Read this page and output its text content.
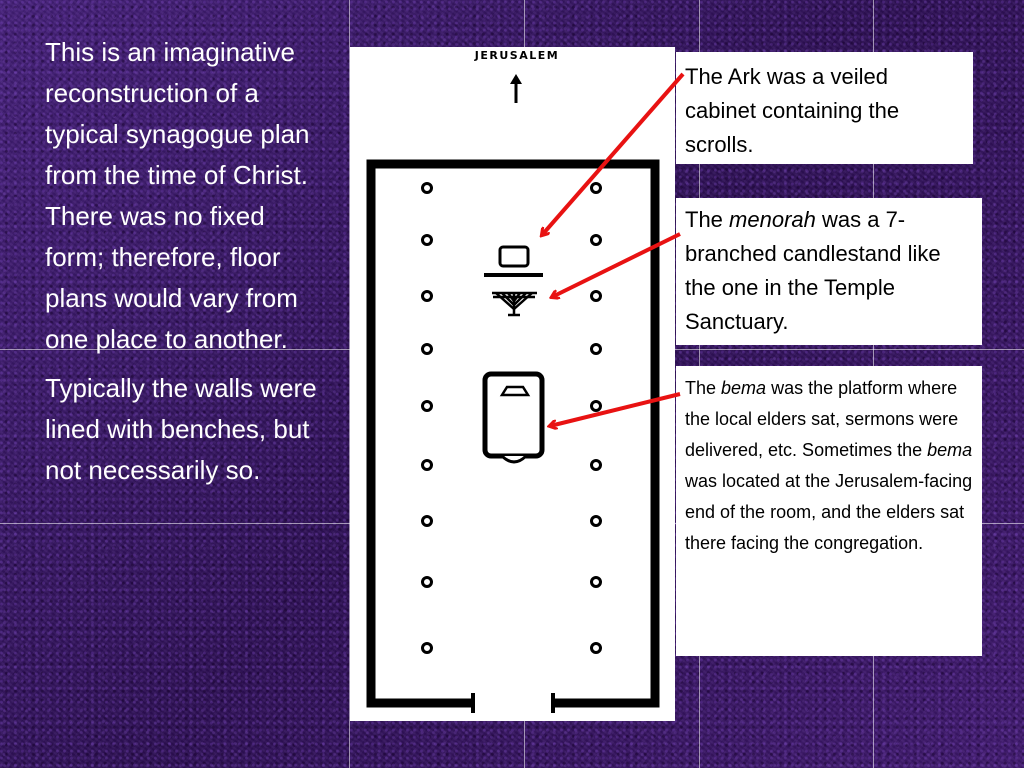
This is an imaginative reconstruction of a typical synagogue plan from the time of Christ. There was no fixed form; therefore, floor plans would vary from one place to another.

Typically the walls were lined with benches, but not necessarily so.

JERUSALEM
The Ark was a veiled cabinet containing the scrolls.
The menorah was a 7-branched candlestand like the one in the Temple Sanctuary.
The bema was the platform where the local elders sat, sermons were delivered, etc. Sometimes the bema was located at the Jerusalem-facing end of the room, and the elders sat there facing the congregation.
